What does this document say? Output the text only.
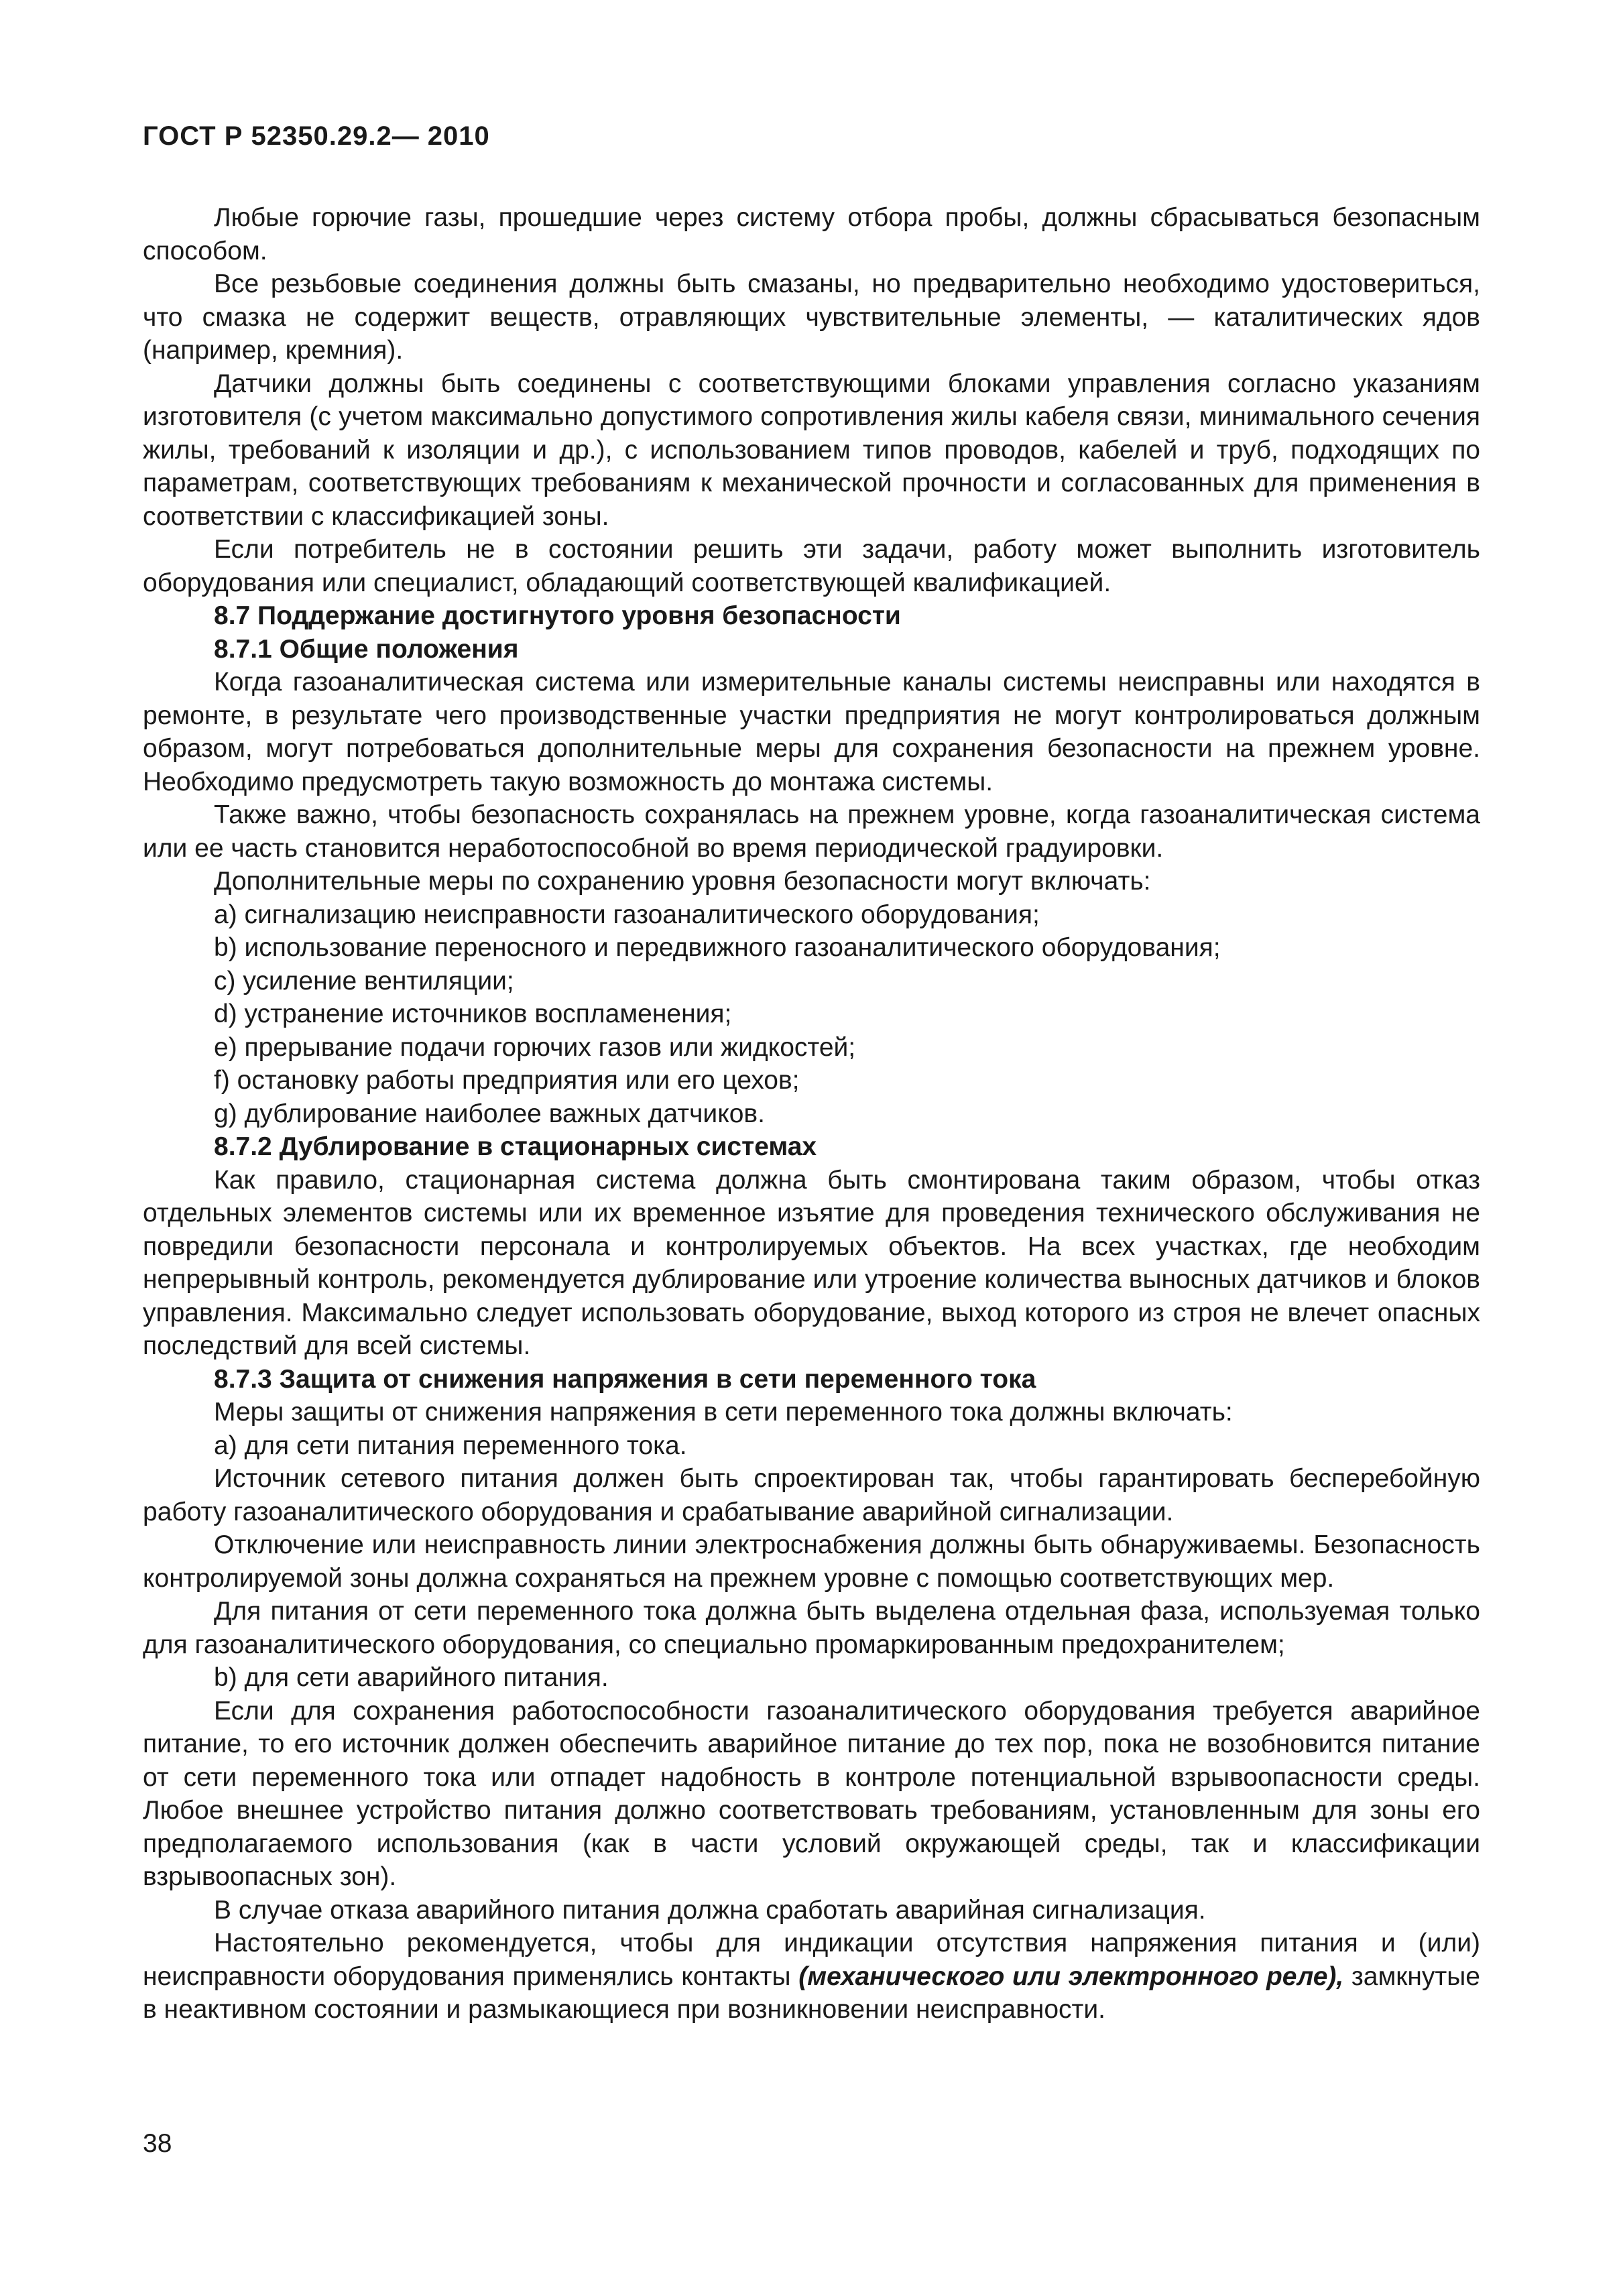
ГОСТ Р 52350.29.2— 2010

Любые горючие газы, прошедшие через систему отбора пробы, должны сбрасываться безопасным способом.

Все резьбовые соединения должны быть смазаны, но предварительно необходимо удостовериться, что смазка не содержит веществ, отравляющих чувствительные элементы, — каталитических ядов (например, кремния).

Датчики должны быть соединены с соответствующими блоками управления согласно указаниям изготовителя (с учетом максимально допустимого сопротивления жилы кабеля связи, минимального сечения жилы, требований к изоляции и др.), с использованием типов проводов, кабелей и труб, подходящих по параметрам, соответствующих требованиям к механической прочности и согласованных для применения в соответствии с классификацией зоны.

Если потребитель не в состоянии решить эти задачи, работу может выполнить изготовитель оборудования или специалист, обладающий соответствующей квалификацией.

8.7 Поддержание достигнутого уровня безопасности

8.7.1 Общие положения

Когда газоаналитическая система или измерительные каналы системы неисправны или находятся в ремонте, в результате чего производственные участки предприятия не могут контролироваться должным образом, могут потребоваться дополнительные меры для сохранения безопасности на прежнем уровне. Необходимо предусмотреть такую возможность до монтажа системы.

Также важно, чтобы безопасность сохранялась на прежнем уровне, когда газоаналитическая система или ее часть становится неработоспособной во время периодической градуировки.

Дополнительные меры по сохранению уровня безопасности могут включать:

a) сигнализацию неисправности газоаналитического оборудования;

b) использование переносного и передвижного газоаналитического оборудования;

c) усиление вентиляции;

d) устранение источников воспламенения;

e) прерывание подачи горючих газов или жидкостей;

f) остановку работы предприятия или его цехов;

g) дублирование наиболее важных датчиков.

8.7.2 Дублирование в стационарных системах

Как правило, стационарная система должна быть смонтирована таким образом, чтобы отказ отдельных элементов системы или их временное изъятие для проведения технического обслуживания не повредили безопасности персонала и контролируемых объектов. На всех участках, где необходим непрерывный контроль, рекомендуется дублирование или утроение количества выносных датчиков и блоков управления. Максимально следует использовать оборудование, выход которого из строя не влечет опасных последствий для всей системы.

8.7.3 Защита от снижения напряжения в сети переменного тока

Меры защиты от снижения напряжения в сети переменного тока должны включать:

a) для сети питания переменного тока.

Источник сетевого питания должен быть спроектирован так, чтобы гарантировать бесперебойную работу газоаналитического оборудования и срабатывание аварийной сигнализации.

Отключение или неисправность линии электроснабжения должны быть обнаруживаемы. Безопасность контролируемой зоны должна сохраняться на прежнем уровне с помощью соответствующих мер.

Для питания от сети переменного тока должна быть выделена отдельная фаза, используемая только для газоаналитического оборудования, со специально промаркированным предохранителем;

b) для сети аварийного питания.

Если для сохранения работоспособности газоаналитического оборудования требуется аварийное питание, то его источник должен обеспечить аварийное питание до тех пор, пока не возобновится питание от сети переменного тока или отпадет надобность в контроле потенциальной взрывоопасности среды. Любое внешнее устройство питания должно соответствовать требованиям, установленным для зоны его предполагаемого использования (как в части условий окружающей среды, так и классификации взрывоопасных зон).

В случае отказа аварийного питания должна сработать аварийная сигнализация.

Настоятельно рекомендуется, чтобы для индикации отсутствия напряжения питания и (или) неисправности оборудования применялись контакты (механического или электронного реле), замкнутые в неактивном состоянии и размыкающиеся при возникновении неисправности.

38
